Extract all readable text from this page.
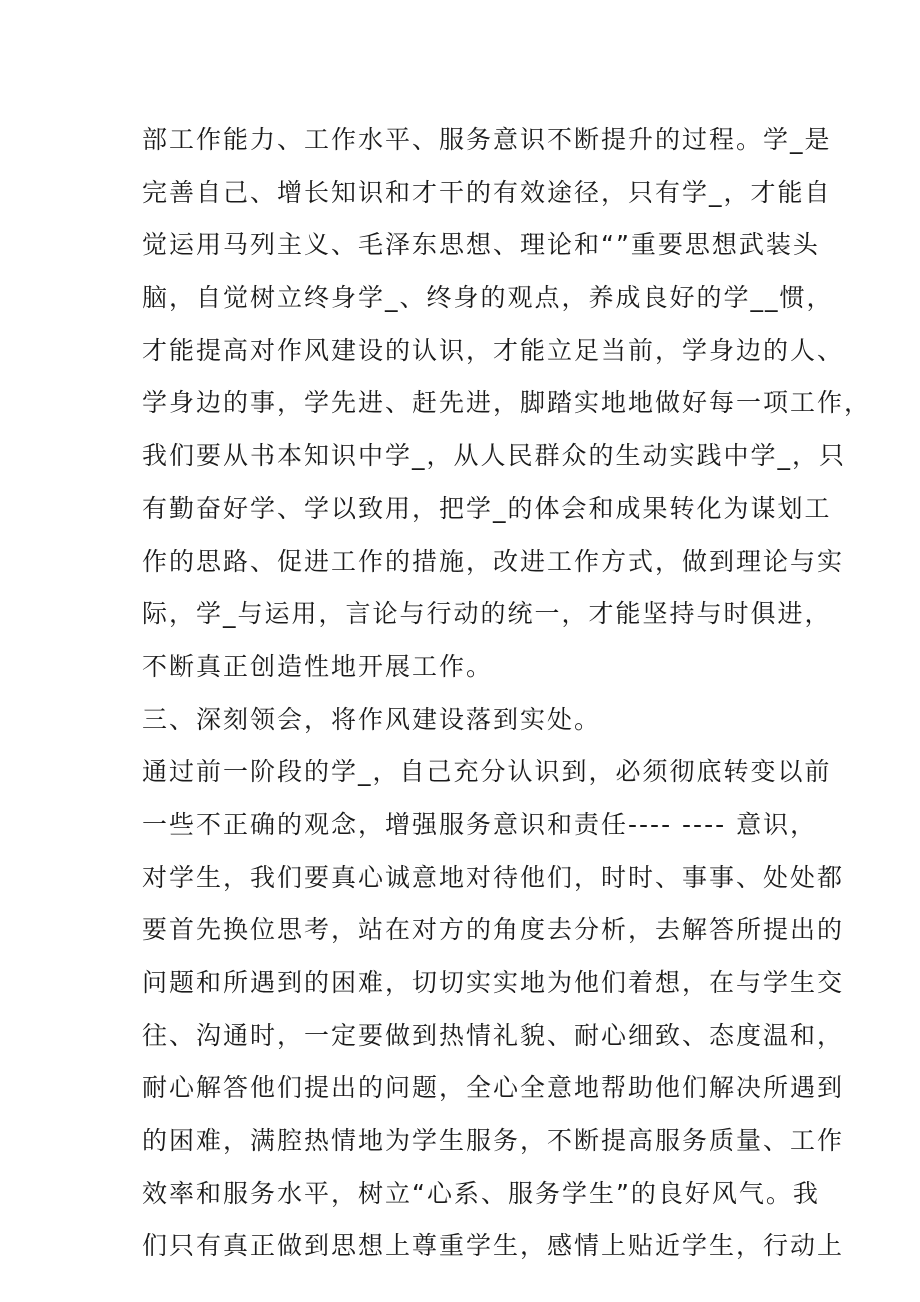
部工作能力、工作水平、服务意识不断提升的过程。学_是
完善自己、增长知识和才干的有效途径，只有学_，才能自
觉运用马列主义、毛泽东思想、理论和“”重要思想武装头
脑，自觉树立终身学_、终身的观点，养成良好的学__惯，
才能提高对作风建设的认识，才能立足当前，学身边的人、
学身边的事，学先进、赶先进，脚踏实地地做好每一项工作，
我们要从书本知识中学_，从人民群众的生动实践中学_，只
有勤奋好学、学以致用，把学_的体会和成果转化为谋划工
作的思路、促进工作的措施，改进工作方式，做到理论与实
际，学_与运用，言论与行动的统一，才能坚持与时俱进，
不断真正创造性地开展工作。
三、深刻领会，将作风建设落到实处。
通过前一阶段的学_，自己充分认识到，必须彻底转变以前
一些不正确的观念，增强服务意识和责任---- ---- 意识，
对学生，我们要真心诚意地对待他们，时时、事事、处处都
要首先换位思考，站在对方的角度去分析，去解答所提出的
问题和所遇到的困难，切切实实地为他们着想，在与学生交
往、沟通时，一定要做到热情礼貌、耐心细致、态度温和，
耐心解答他们提出的问题，全心全意地帮助他们解决所遇到
的困难，满腔热情地为学生服务，不断提高服务质量、工作
效率和服务水平，树立“心系、服务学生”的良好风气。我
们只有真正做到思想上尊重学生，感情上贴近学生，行动上
